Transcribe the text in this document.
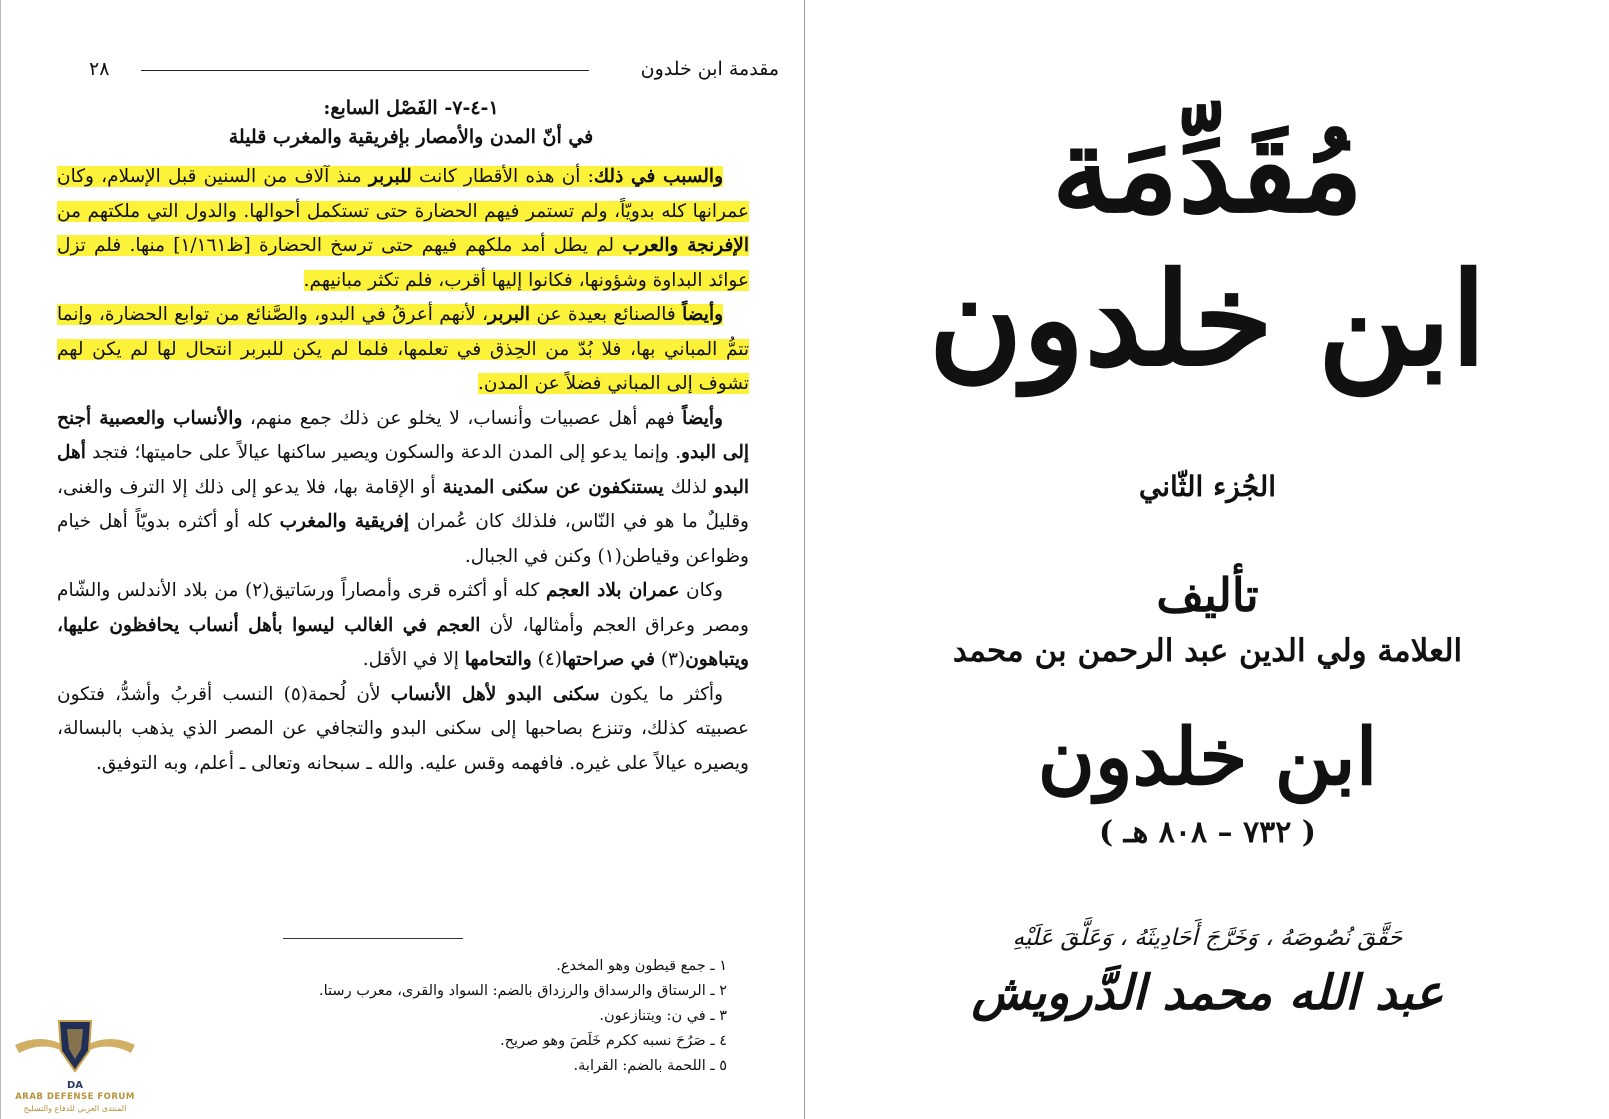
مقدمة ابن خلدون
٢٨
١-٤-٧- الفَصْل السابع:
في أنّ المدن والأمصار بإفريقية والمغرب قليلة

والسبب في ذلك: أن هذه الأقطار كانت للبربر منذ آلاف من السنين قبل الإسلام، وكان عمرانها كله بدويّاً، ولم تستمر فيهم الحضارة حتى تستكمل أحوالها. والدول التي ملكتهم من الإفرنجة والعرب لم يطل أمد ملكهم فيهم حتى ترسخ الحضارة [ظ١/١٦١] منها. فلم تزل عوائد البداوة وشؤونها، فكانوا إليها أقرب، فلم تكثر مبانيهم.

وأيضاً فالصنائع بعيدة عن البربر، لأنهم أعرقُ في البدو، والصَّنائع من توابع الحضارة، وإنما تتمُّ المباني بها، فلا بُدّ من الحِذق في تعلمها، فلما لم يكن للبربر انتحال لها لم يكن لهم تشوف إلى المباني فضلاً عن المدن.

وأيضاً فهم أهل عصبيات وأنساب، لا يخلو عن ذلك جمع منهم، والأنساب والعصبية أجنح إلى البدو. وإنما يدعو إلى المدن الدعة والسكون ويصير ساكنها عيالاً على حاميتها؛ فتجد أهل البدو لذلك يستنكفون عن سكنى المدينة أو الإقامة بها، فلا يدعو إلى ذلك إلا الترف والغنى، وقليلٌ ما هو في النّاس، فلذلك كان عُمران إفريقية والمغرب كله أو أكثره بدويّاً أهل خيام وظواعن وقياطن(١) وكنن في الجبال.

وكان عمران بلاد العجم كله أو أكثره قرى وأمصاراً ورسَاتيق(٢) من بلاد الأندلس والشّام ومصر وعراق العجم وأمثالها، لأن العجم في الغالب ليسوا بأهل أنساب يحافظون عليها، ويتباهون(٣) في صراحتها(٤) والتحامها إلا في الأقل.

وأكثر ما يكون سكنى البدو لأهل الأنساب لأن لُحمة(٥) النسب أقربُ وأشدُّ، فتكون عصبيته كذلك، وتنزع بصاحبها إلى سكنى البدو والتجافي عن المصر الذي يذهب بالبسالة، ويصيره عيالاً على غيره. فافهمه وقس عليه. والله ـ سبحانه وتعالى ـ أعلم، وبه التوفيق.

١ ـ جمع قيطون وهو المخدع.
٢ ـ الرستاق والرسداق والرزداق بالضم: السواد والقرى، معرب رستا.
٣ ـ في ن: ويتنازعون.
٤ ـ صَرُحَ نسبه ككرم خَلَصَ وهو صريح.
٥ ـ اللحمة بالضم: القرابة.
DA
ARAB DEFENSE FORUM
المنتدى العربي للدفاع والتسليح
مُقَدِّمَة
ابن خلدون
الجُزء الثّاني
تأليف
العلامة ولي الدين عبد الرحمن بن محمد
ابن خلدون
( ٧٣٢ – ٨٠٨ هـ )
حَقَّقَ نُصُوصَهُ ، وَخَرَّجَ أَحَادِيثَهُ ، وَعَلَّقَ عَلَيْهِ
عبد الله محمد الدَّرويش
